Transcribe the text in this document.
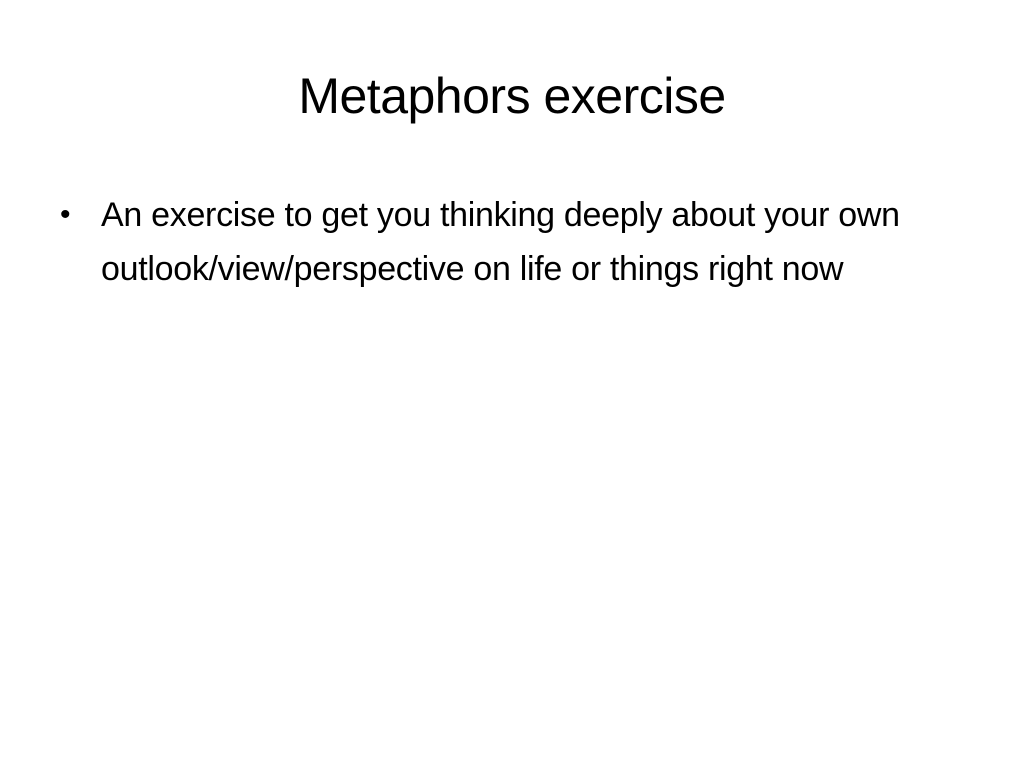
Metaphors exercise
• An exercise to get you thinking deeply about your own outlook/view/perspective on life or things right now
